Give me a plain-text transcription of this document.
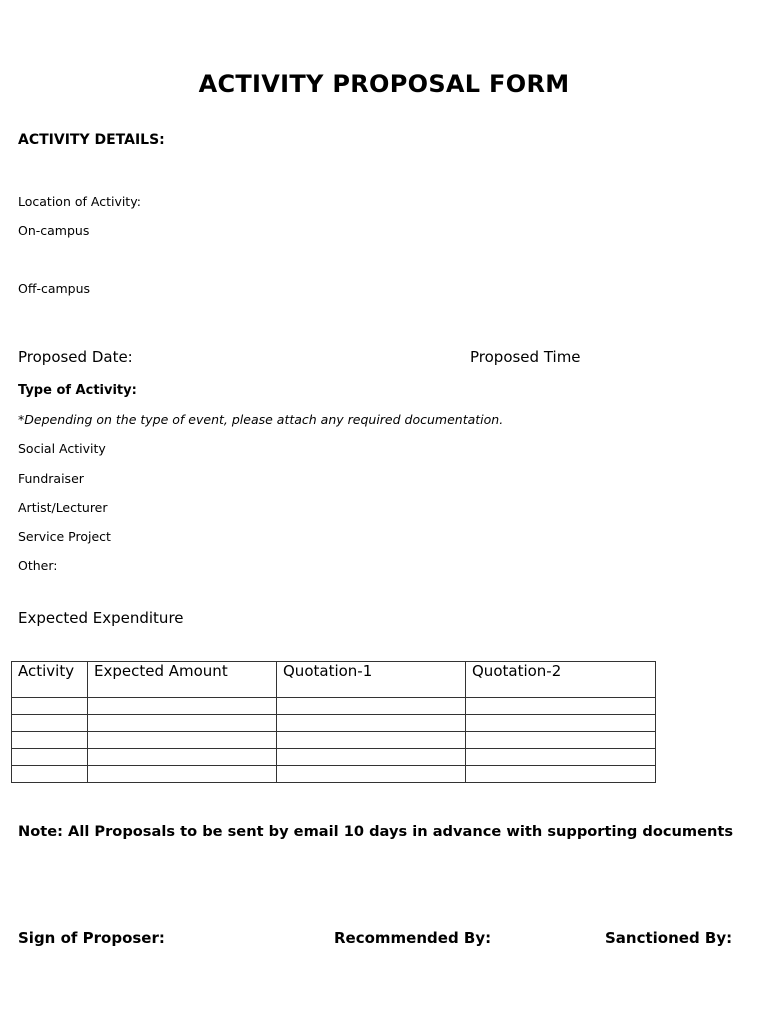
ACTIVITY PROPOSAL FORM
ACTIVITY DETAILS:
Location of Activity:
On-campus
Off-campus
Proposed Date:	Proposed Time
Type of Activity:
*Depending on the type of event, please attach any required documentation.
Social Activity
Fundraiser
Artist/Lecturer
Service Project
Other:
Expected Expenditure
Activity	Expected Amount	Quotation-1	Quotation-2

Note: All Proposals to be sent by email 10 days in advance with supporting documents
Sign of Proposer:	Recommended By:	Sanctioned By:
